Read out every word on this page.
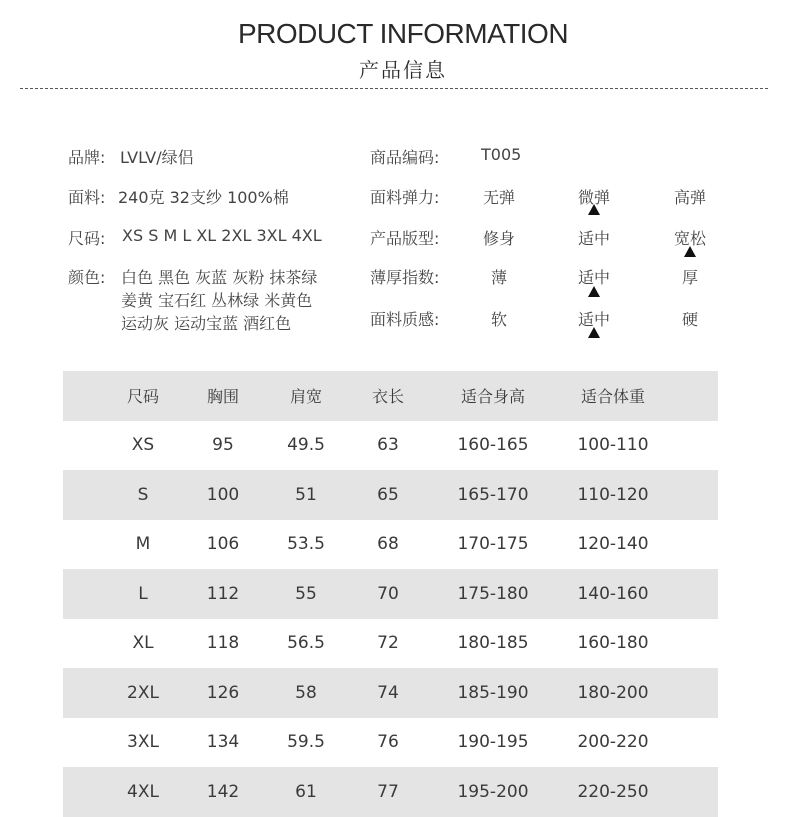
PRODUCT INFORMATION
产品信息
品牌: LVLV/绿侣
面料: 240克 32支纱 100%棉
尺码: XS S M L XL 2XL 3XL 4XL
颜色: 白色 黑色 灰蓝 灰粉 抹茶绿
姜黄 宝石红 丛林绿 米黄色
运动灰 运动宝蓝 酒红色
商品编码:	T005
面料弹力:	无弹	微弹	高弹
产品版型:	修身	适中	宽松
薄厚指数:	薄	适中	厚
面料质感:	软	适中	硬
尺码	胸围	肩宽	衣长	适合身高	适合体重
XS	95	49.5	63	160-165	100-110
S	100	51	65	165-170	110-120
M	106	53.5	68	170-175	120-140
L	112	55	70	175-180	140-160
XL	118	56.5	72	180-185	160-180
2XL	126	58	74	185-190	180-200
3XL	134	59.5	76	190-195	200-220
4XL	142	61	77	195-200	220-250
